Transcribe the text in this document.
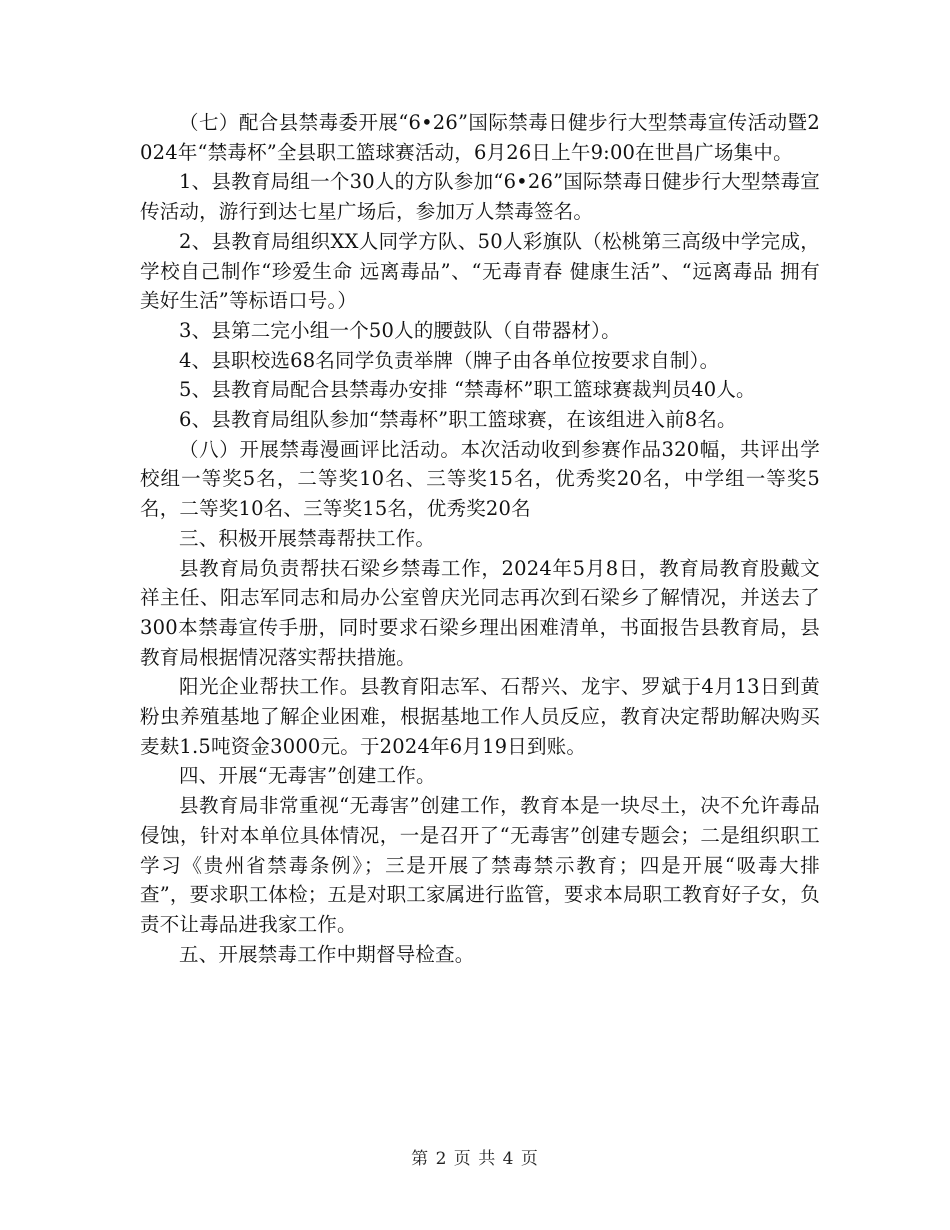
（七）配合县禁毒委开展“6•26”国际禁毒日健步行大型禁毒宣传活动暨2024年“禁毒杯”全县职工篮球赛活动，6月26日上午9:00在世昌广场集中。

1、县教育局组一个30人的方队参加“6•26”国际禁毒日健步行大型禁毒宣传活动，游行到达七星广场后，参加万人禁毒签名。

2、县教育局组织XX人同学方队、50人彩旗队（松桃第三高级中学完成，学校自己制作“珍爱生命 远离毒品”、“无毒青春 健康生活”、“远离毒品 拥有美好生活”等标语口号。）

3、县第二完小组一个50人的腰鼓队（自带器材）。

4、县职校选68名同学负责举牌（牌子由各单位按要求自制）。

5、县教育局配合县禁毒办安排 “禁毒杯”职工篮球赛裁判员40人。

6、县教育局组队参加“禁毒杯”职工篮球赛，在该组进入前8名。

（八）开展禁毒漫画评比活动。本次活动收到参赛作品320幅，共评出学校组一等奖5名，二等奖10名、三等奖15名，优秀奖20名，中学组一等奖5名，二等奖10名、三等奖15名，优秀奖20名

三、积极开展禁毒帮扶工作。

县教育局负责帮扶石梁乡禁毒工作，2024年5月8日，教育局教育股戴文祥主任、阳志军同志和局办公室曾庆光同志再次到石梁乡了解情况，并送去了300本禁毒宣传手册，同时要求石梁乡理出困难清单，书面报告县教育局，县教育局根据情况落实帮扶措施。

阳光企业帮扶工作。县教育阳志军、石帮兴、龙宇、罗斌于4月13日到黄粉虫养殖基地了解企业困难，根据基地工作人员反应，教育决定帮助解决购买麦麸1.5吨资金3000元。于2024年6月19日到账。

四、开展“无毒害”创建工作。

县教育局非常重视“无毒害”创建工作，教育本是一块尽土，决不允许毒品侵蚀，针对本单位具体情况，一是召开了“无毒害”创建专题会；二是组织职工学习《贵州省禁毒条例》；三是开展了禁毒禁示教育；四是开展“吸毒大排查”，要求职工体检；五是对职工家属进行监管，要求本局职工教育好子女，负责不让毒品进我家工作。

五、开展禁毒工作中期督导检查。

第 2 页 共 4 页
